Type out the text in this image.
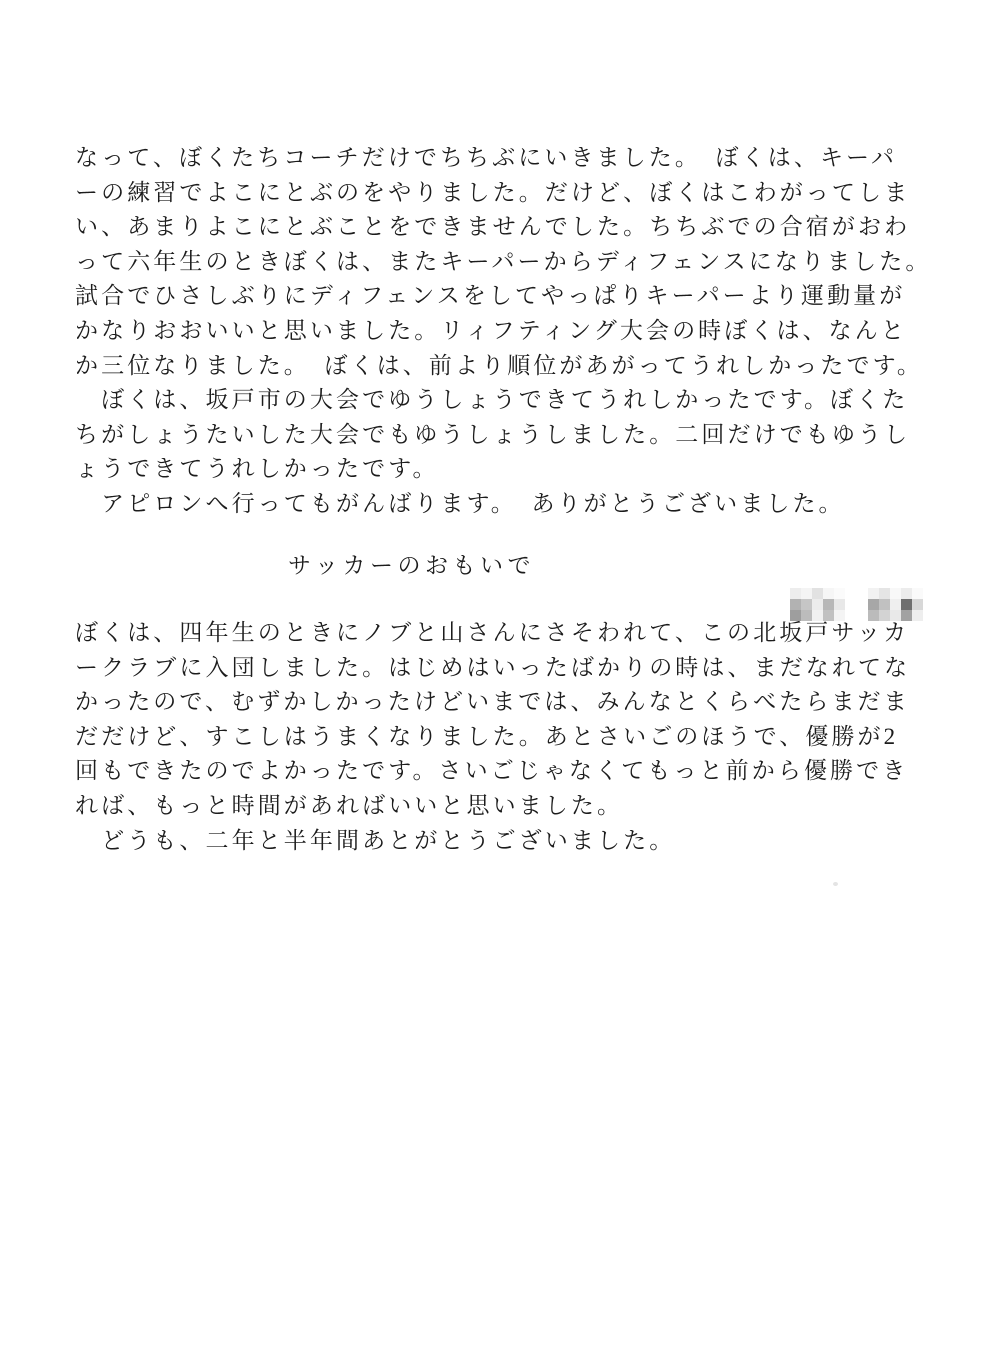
なって、ぼくたちコーチだけでちちぶにいきました。　ぼくは、キーパ
ーの練習でよこにとぶのをやりました。だけど、ぼくはこわがってしま
い、あまりよこにとぶことをできませんでした。ちちぶでの合宿がおわ
って六年生のときぼくは、またキーパーからディフェンスになりました。
試合でひさしぶりにディフェンスをしてやっぱりキーパーより運動量が
かなりおおいいと思いました。リィフティング大会の時ぼくは、なんと
か三位なりました。　ぼくは、前より順位があがってうれしかったです。
　ぼくは、坂戸市の大会でゆうしょうできてうれしかったです。ぼくた
ちがしょうたいした大会でもゆうしょうしました。二回だけでもゆうし
ょうできてうれしかったです。
　アピロンへ行ってもがんばります。　ありがとうございました。
サッカーのおもいで
ぼくは、四年生のときにノブと山さんにさそわれて、この北坂戸サッカ
ークラブに入団しました。はじめはいったばかりの時は、まだなれてな
かったので、むずかしかったけどいまでは、みんなとくらべたらまだま
だだけど、すこしはうまくなりました。あとさいごのほうで、優勝が2
回もできたのでよかったです。さいごじゃなくてもっと前から優勝でき
れば、もっと時間があればいいと思いました。
　どうも、二年と半年間あとがとうございました。
